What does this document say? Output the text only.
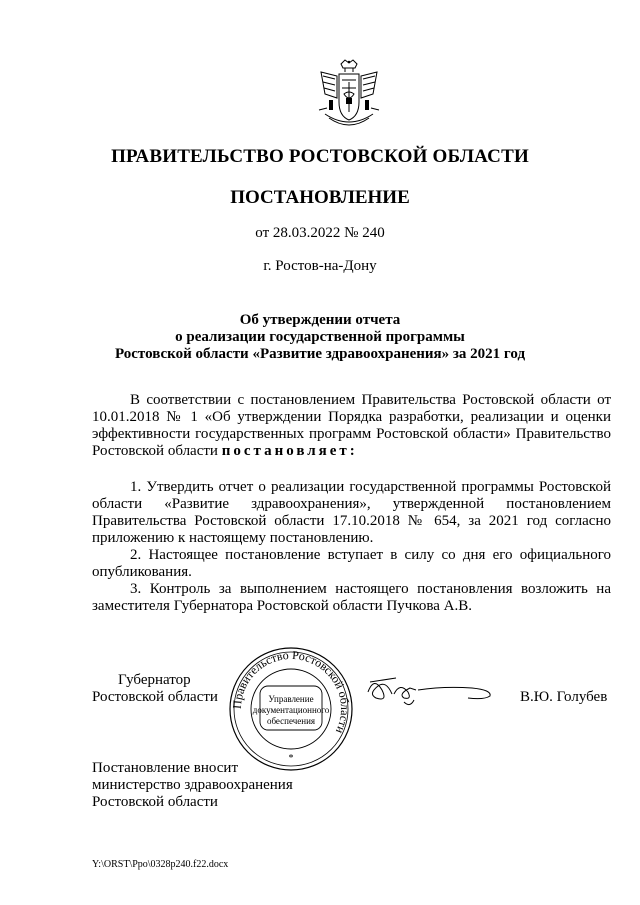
ПРАВИТЕЛЬСТВО РОСТОВСКОЙ ОБЛАСТИ
ПОСТАНОВЛЕНИЕ
от 28.03.2022 № 240
г. Ростов-на-Дону
Об утверждении отчета
о реализации государственной программы
Ростовской области «Развитие здравоохранения» за 2021 год
В соответствии с постановлением Правительства Ростовской области от 10.01.2018 № 1 «Об утверждении Порядка разработки, реализации и оценки эффективности государственных программ Ростовской области» Правительство Ростовской области постановляет:
1. Утвердить отчет о реализации государственной программы Ростовской области «Развитие здравоохранения», утвержденной постановлением Правительства Ростовской области 17.10.2018 № 654, за 2021 год согласно приложению к настоящему постановлению.
2. Настоящее постановление вступает в силу со дня его официального опубликования.
3. Контроль за выполнением настоящего постановления возложить на заместителя Губернатора Ростовской области Пучкова А.В.
Губернатор
Ростовской области Правительство Ростовской области
Управление
документационного
обеспечения
*
В.Ю. Голубев
Постановление вносит
министерство здравоохранения
Ростовской области
Y:\ORST\Ppo\0328p240.f22.docx
